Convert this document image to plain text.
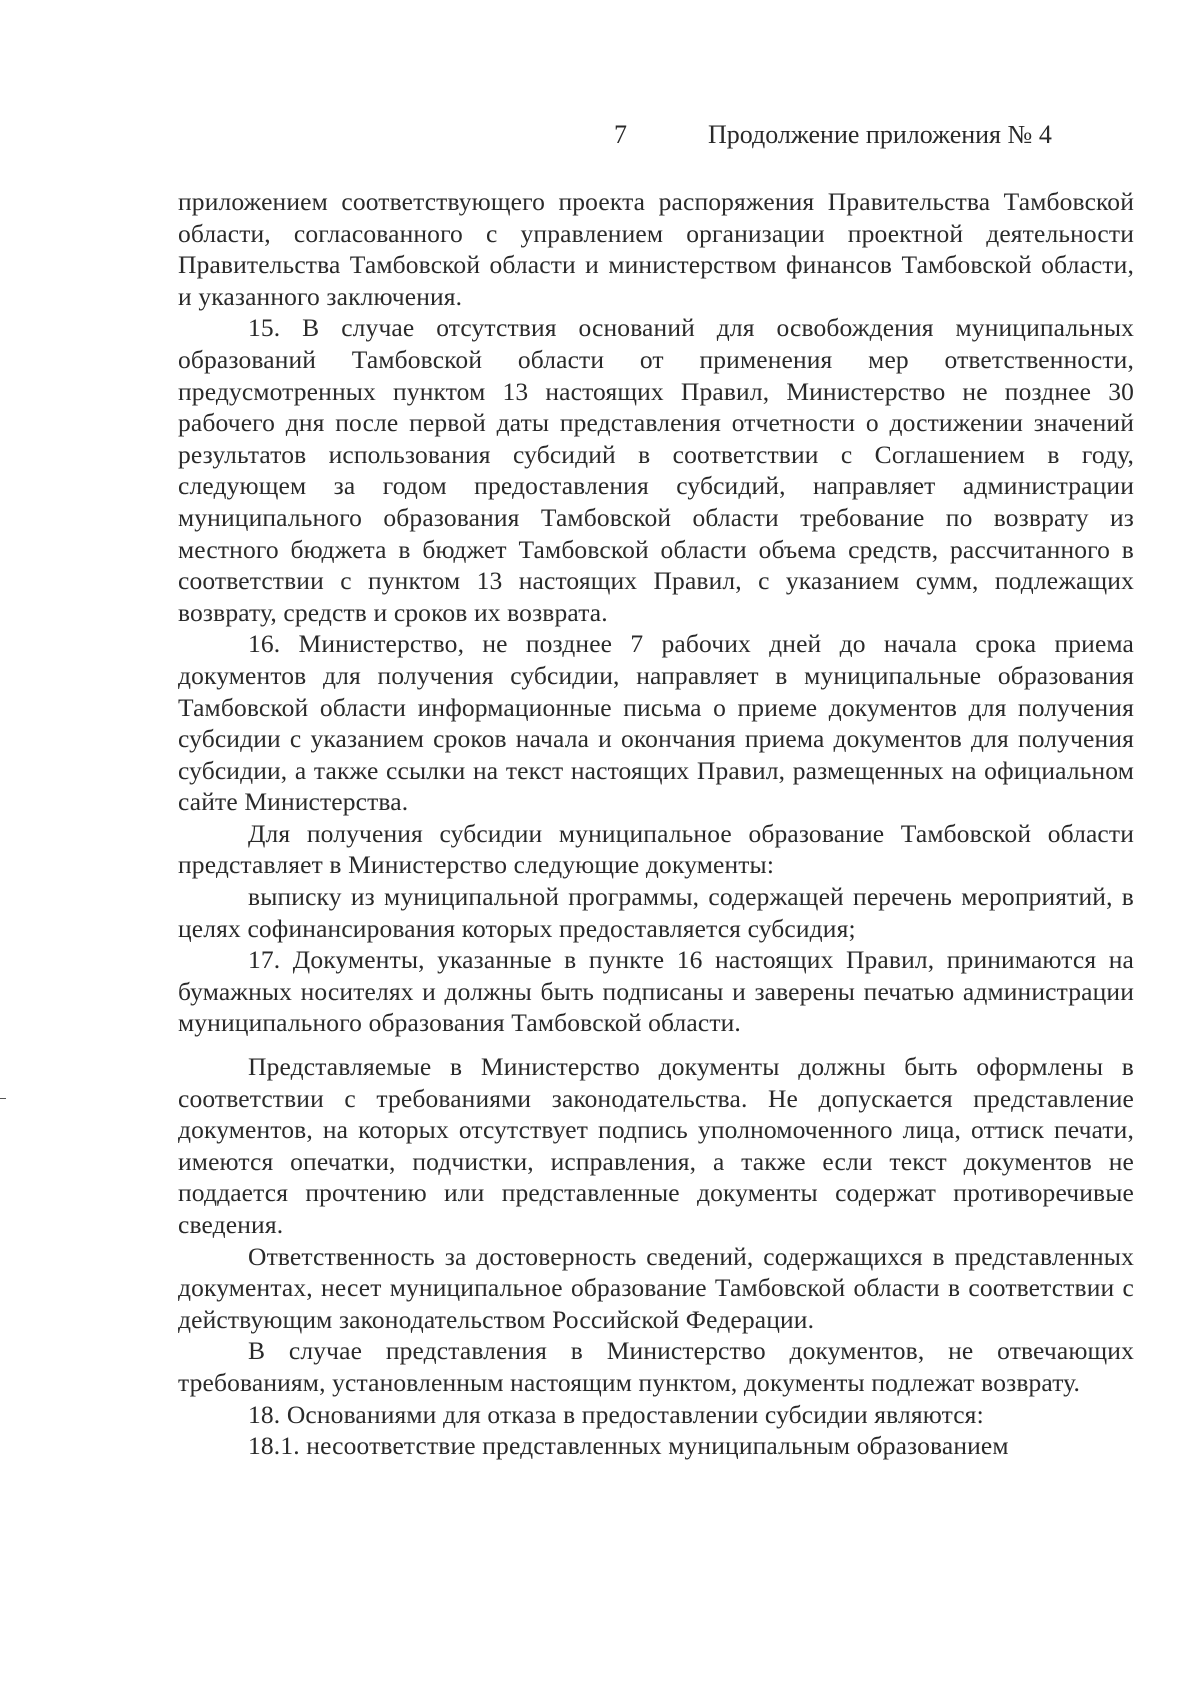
7	Продолжение приложения № 4

приложением соответствующего проекта распоряжения Правительства Тамбовской области, согласованного с управлением организации проектной деятельности Правительства Тамбовской области и министерством финансов Тамбовской области, и указанного заключения.

15. В случае отсутствия оснований для освобождения муниципальных образований Тамбовской области от применения мер ответственности, предусмотренных пунктом 13 настоящих Правил, Министерство не позднее 30 рабочего дня после первой даты представления отчетности о достижении значений результатов использования субсидий в соответствии с Соглашением в году, следующем за годом предоставления субсидий, направляет администрации муниципального образования Тамбовской области требование по возврату из местного бюджета в бюджет Тамбовской области объема средств, рассчитанного в соответствии с пунктом 13 настоящих Правил, с указанием сумм, подлежащих возврату, средств и сроков их возврата.

16. Министерство, не позднее 7 рабочих дней до начала срока приема документов для получения субсидии, направляет в муниципальные образования Тамбовской области информационные письма о приеме документов для получения субсидии с указанием сроков начала и окончания приема документов для получения субсидии, а также ссылки на текст настоящих Правил, размещенных на официальном сайте Министерства.

Для получения субсидии муниципальное образование Тамбовской области представляет в Министерство следующие документы:

выписку из муниципальной программы, содержащей перечень мероприятий, в целях софинансирования которых предоставляется субсидия;

17. Документы, указанные в пункте 16 настоящих Правил, принимаются на бумажных носителях и должны быть подписаны и заверены печатью администрации муниципального образования Тамбовской области.

Представляемые в Министерство документы должны быть оформлены в соответствии с требованиями законодательства. Не допускается представление документов, на которых отсутствует подпись уполномоченного лица, оттиск печати, имеются опечатки, подчистки, исправления, а также если текст документов не поддается прочтению или представленные документы содержат противоречивые сведения.

Ответственность за достоверность сведений, содержащихся в представленных документах, несет муниципальное образование Тамбовской области в соответствии с действующим законодательством Российской Федерации.

В случае представления в Министерство документов, не отвечающих требованиям, установленным настоящим пунктом, документы подлежат возврату.

18. Основаниями для отказа в предоставлении субсидии являются:

18.1. несоответствие представленных муниципальным образованием
